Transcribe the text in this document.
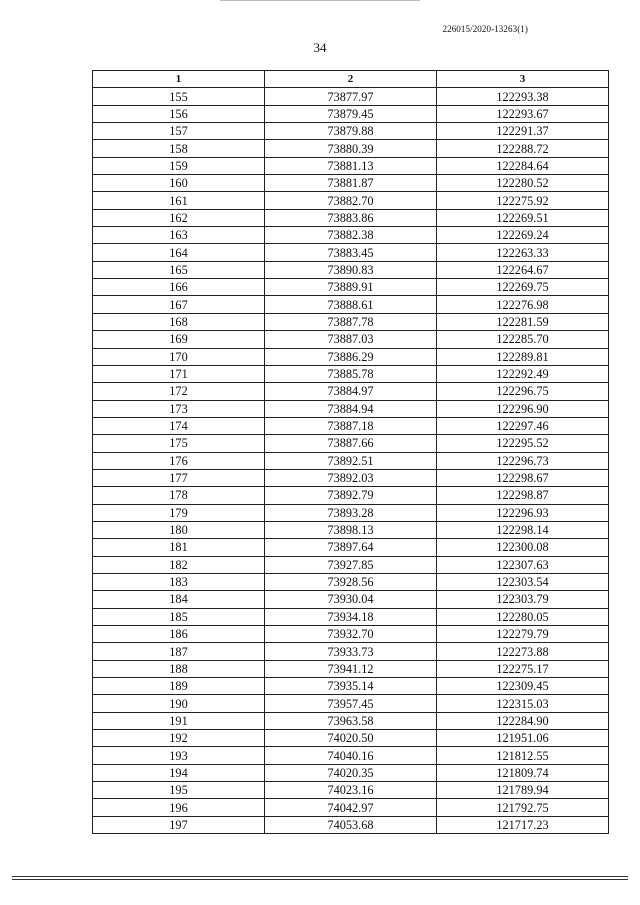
226015/2020-13263(1)
34
1	2	3
155	73877.97	122293.38
156	73879.45	122293.67
157	73879.88	122291.37
158	73880.39	122288.72
159	73881.13	122284.64
160	73881.87	122280.52
161	73882.70	122275.92
162	73883.86	122269.51
163	73882.38	122269.24
164	73883.45	122263.33
165	73890.83	122264.67
166	73889.91	122269.75
167	73888.61	122276.98
168	73887.78	122281.59
169	73887.03	122285.70
170	73886.29	122289.81
171	73885.78	122292.49
172	73884.97	122296.75
173	73884.94	122296.90
174	73887.18	122297.46
175	73887.66	122295.52
176	73892.51	122296.73
177	73892.03	122298.67
178	73892.79	122298.87
179	73893.28	122296.93
180	73898.13	122298.14
181	73897.64	122300.08
182	73927.85	122307.63
183	73928.56	122303.54
184	73930.04	122303.79
185	73934.18	122280.05
186	73932.70	122279.79
187	73933.73	122273.88
188	73941.12	122275.17
189	73935.14	122309.45
190	73957.45	122315.03
191	73963.58	122284.90
192	74020.50	121951.06
193	74040.16	121812.55
194	74020.35	121809.74
195	74023.16	121789.94
196	74042.97	121792.75
197	74053.68	121717.23
